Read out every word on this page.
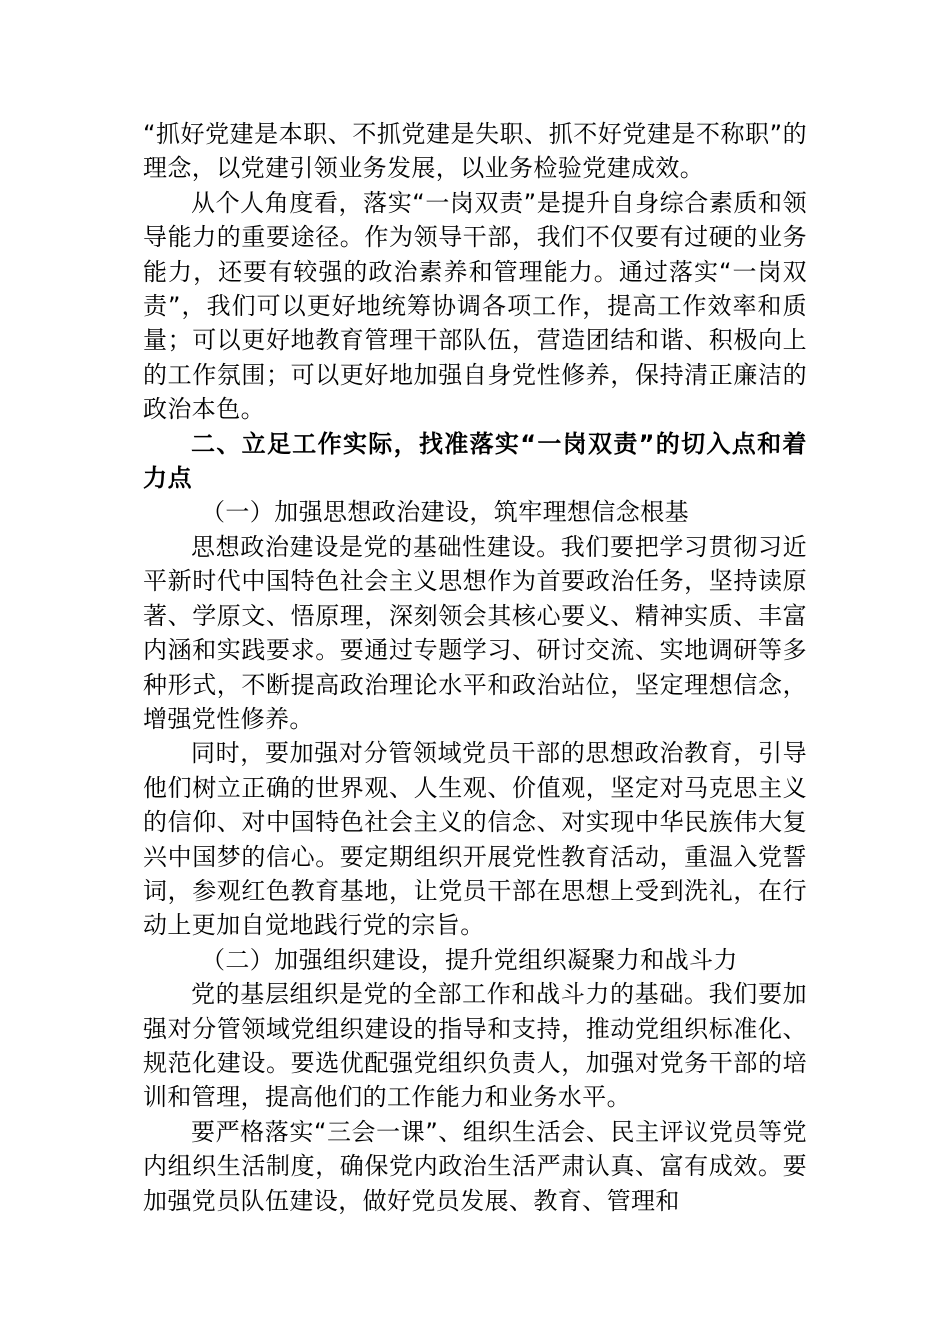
“抓好党建是本职、不抓党建是失职、抓不好党建是不称职”的理念，以党建引领业务发展，以业务检验党建成效。

从个人角度看，落实“一岗双责”是提升自身综合素质和领导能力的重要途径。作为领导干部，我们不仅要有过硬的业务能力，还要有较强的政治素养和管理能力。通过落实“一岗双责”，我们可以更好地统筹协调各项工作，提高工作效率和质量；可以更好地教育管理干部队伍，营造团结和谐、积极向上的工作氛围；可以更好地加强自身党性修养，保持清正廉洁的政治本色。

二、立足工作实际，找准落实“一岗双责”的切入点和着力点

（一）加强思想政治建设，筑牢理想信念根基

思想政治建设是党的基础性建设。我们要把学习贯彻习近平新时代中国特色社会主义思想作为首要政治任务，坚持读原著、学原文、悟原理，深刻领会其核心要义、精神实质、丰富内涵和实践要求。要通过专题学习、研讨交流、实地调研等多种形式，不断提高政治理论水平和政治站位，坚定理想信念，增强党性修养。

同时，要加强对分管领域党员干部的思想政治教育，引导他们树立正确的世界观、人生观、价值观，坚定对马克思主义的信仰、对中国特色社会主义的信念、对实现中华民族伟大复兴中国梦的信心。要定期组织开展党性教育活动，重温入党誓词，参观红色教育基地，让党员干部在思想上受到洗礼，在行动上更加自觉地践行党的宗旨。

（二）加强组织建设，提升党组织凝聚力和战斗力

党的基层组织是党的全部工作和战斗力的基础。我们要加强对分管领域党组织建设的指导和支持，推动党组织标准化、规范化建设。要选优配强党组织负责人，加强对党务干部的培训和管理，提高他们的工作能力和业务水平。

要严格落实“三会一课”、组织生活会、民主评议党员等党内组织生活制度，确保党内政治生活严肃认真、富有成效。要加强党员队伍建设，做好党员发展、教育、管理和
